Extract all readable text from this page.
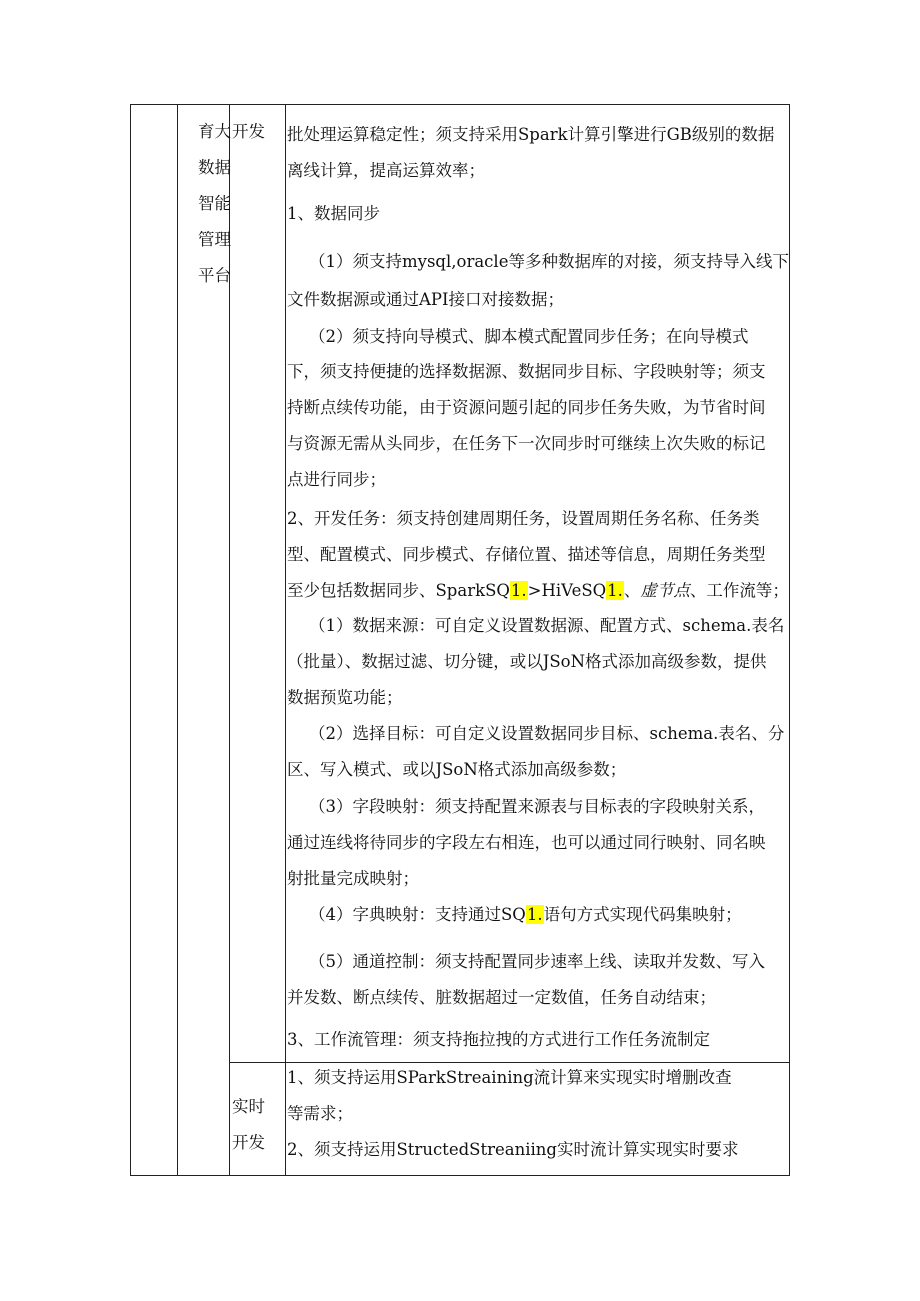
育大
数据
智能
管理
平台
开发
实时
开发
批处理运算稳定性；须支持采用Spark计算引擎进行GB级别的数据
离线计算，提高运算效率；
1、数据同步
（1）须支持mysql,oracle等多种数据库的对接，须支持导入线下
文件数据源或通过API接口对接数据；
（2）须支持向导模式、脚本模式配置同步任务；在向导模式
下，须支持便捷的选择数据源、数据同步目标、字段映射等；须支
持断点续传功能，由于资源问题引起的同步任务失败，为节省时间
与资源无需从头同步，在任务下一次同步时可继续上次失败的标记
点进行同步；
2、开发任务：须支持创建周期任务，设置周期任务名称、任务类
型、配置模式、同步模式、存储位置、描述等信息，周期任务类型
至少包括数据同步、SparkSQ1.>HiVeSQ1.、虚节点、工作流等；
（1）数据来源：可自定义设置数据源、配置方式、schema.表名
（批量）、数据过滤、切分键，或以JSoN格式添加高级参数，提供
数据预览功能；
（2）选择目标：可自定义设置数据同步目标、schema.表名、分
区、写入模式、或以JSoN格式添加高级参数；
（3）字段映射：须支持配置来源表与目标表的字段映射关系，
通过连线将待同步的字段左右相连，也可以通过同行映射、同名映
射批量完成映射；
（4）字典映射：支持通过SQ1.语句方式实现代码集映射；
（5）通道控制：须支持配置同步速率上线、读取并发数、写入
并发数、断点续传、脏数据超过一定数值，任务自动结束；
3、工作流管理：须支持拖拉拽的方式进行工作任务流制定
1、须支持运用SParkStreaining流计算来实现实时增删改查
等需求；
2、须支持运用StructedStreaniing实时流计算实现实时要求
